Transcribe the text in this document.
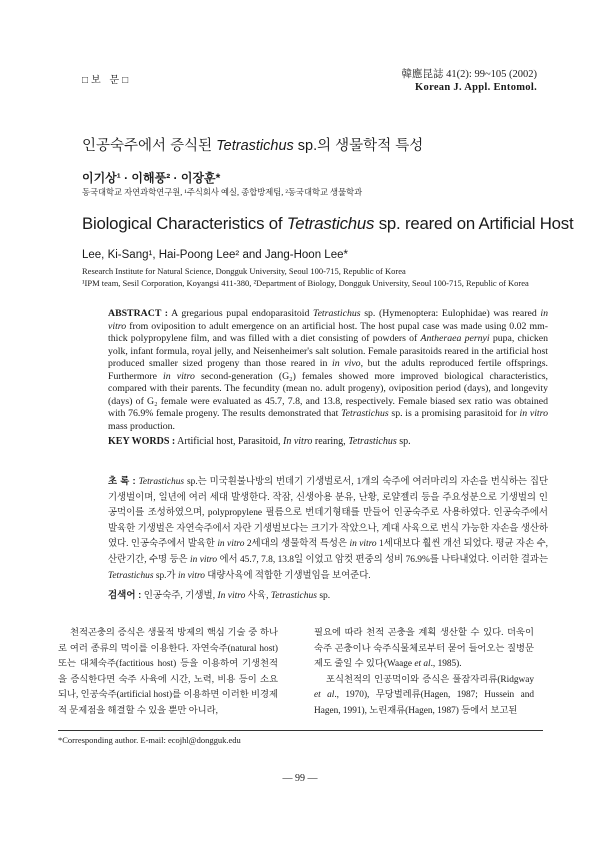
□보 문□
韓應昆誌 41(2): 99~105 (2002)
Korean J. Appl. Entomol.
인공숙주에서 증식된 Tetrastichus sp.의 생물학적 특성
이기상¹ · 이해풍² · 이장훈*
동국대학교 자연과학연구원, ¹주식회사 예실, 종합방제팀, ²동국대학교 생물학과
Biological Characteristics of Tetrastichus sp. reared on Artificial Host
Lee, Ki-Sang¹, Hai-Poong Lee² and Jang-Hoon Lee*
Research Institute for Natural Science, Dongguk University, Seoul 100-715, Republic of Korea
¹IPM team, Sesil Corporation, Koyangsi 411-380, ²Department of Biology, Dongguk University, Seoul 100-715, Republic of Korea
ABSTRACT : A gregarious pupal endoparasitoid Tetrastichus sp. (Hymenoptera: Eulophidae) was reared in vitro from oviposition to adult emergence on an artificial host. The host pupal case was made using 0.02 mm-thick polypropylene film, and was filled with a diet consisting of powders of Antheraea pernyi pupa, chicken yolk, infant formula, royal jelly, and Neisenheimer's salt solution. Female parasitoids reared in the artificial host produced smaller sized progeny than those reared in in vivo, but the adults reproduced fertile offsprings. Furthermore in vitro second-generation (G₂) females showed more improved biological characteristics, compared with their parents. The fecundity (mean no. adult progeny), oviposition period (days), and longevity (days) of G₂ female were evaluated as 45.7, 7.8, and 13.8, respectively. Female biased sex ratio was obtained with 76.9% female progeny. The results demonstrated that Tetrastichus sp. is a promising parasitoid for in vitro mass production.
KEY WORDS : Artificial host, Parasitoid, In vitro rearing, Tetrastichus sp.
초 록 : Tetrastichus sp.는 미국흰불나방의 번데기 기생벌로서, 1개의 숙주에 여러마리의 자손을 번식하는 집단 기생벌이며, 일년에 여러 세대 발생한다. 작잠, 신생아용 분유, 난황, 로얄젤리 등을 주요성분으로 기생벌의 인공먹이를 조성하였으며, polypropylene 필름으로 번데기형태를 만들어 인공숙주로 사용하였다. 인공숙주에서 발육한 기생벌은 자연숙주에서 자란 기생벌보다는 크기가 작았으나, 계대 사육으로 번식 가능한 자손을 생산하였다. 인공숙주에서 발육한 in vitro 2세대의 생물학적 특성은 in vitro 1세대보다 훨씬 개선 되었다. 평균 자손 수, 산란기간, 수명 등은 in vitro 에서 45.7, 7.8, 13.8일 이었고 암컷 편중의 성비 76.9%를 나타내었다. 이러한 결과는 Tetrastichus sp.가 in vitro 대량사육에 적합한 기생벌임을 보여준다.
검색어 : 인공숙주, 기생벌, In vitro 사육, Tetrastichus sp.
천적곤충의 증식은 생물적 방제의 핵심 기술 중 하나로 여러 종류의 먹이를 이용한다. 자연숙주(natural host) 또는 대체숙주(factitious host) 등을 이용하여 기생천적을 증식한다면 숙주 사육에 시간, 노력, 비용 등이 소요되나, 인공숙주(artificial host)를 이용하면 이러한 비경제적 문제점을 해결할 수 있을 뿐만 아니라,
필요에 따라 천적 곤충을 계획 생산할 수 있다. 더욱이 숙주 곤충이나 숙주식물체로부터 묻어 들어오는 질병문제도 줄일 수 있다(Waage et al., 1985).
포식천적의 인공먹이와 증식은 풀잠자리류(Ridgway et al., 1970), 무당벌레류(Hagen, 1987; Hussein and Hagen, 1991), 노린재류(Hagen, 1987) 등에서 보고된
*Corresponding author. E-mail: ecojhl@dongguk.edu
— 99 —
